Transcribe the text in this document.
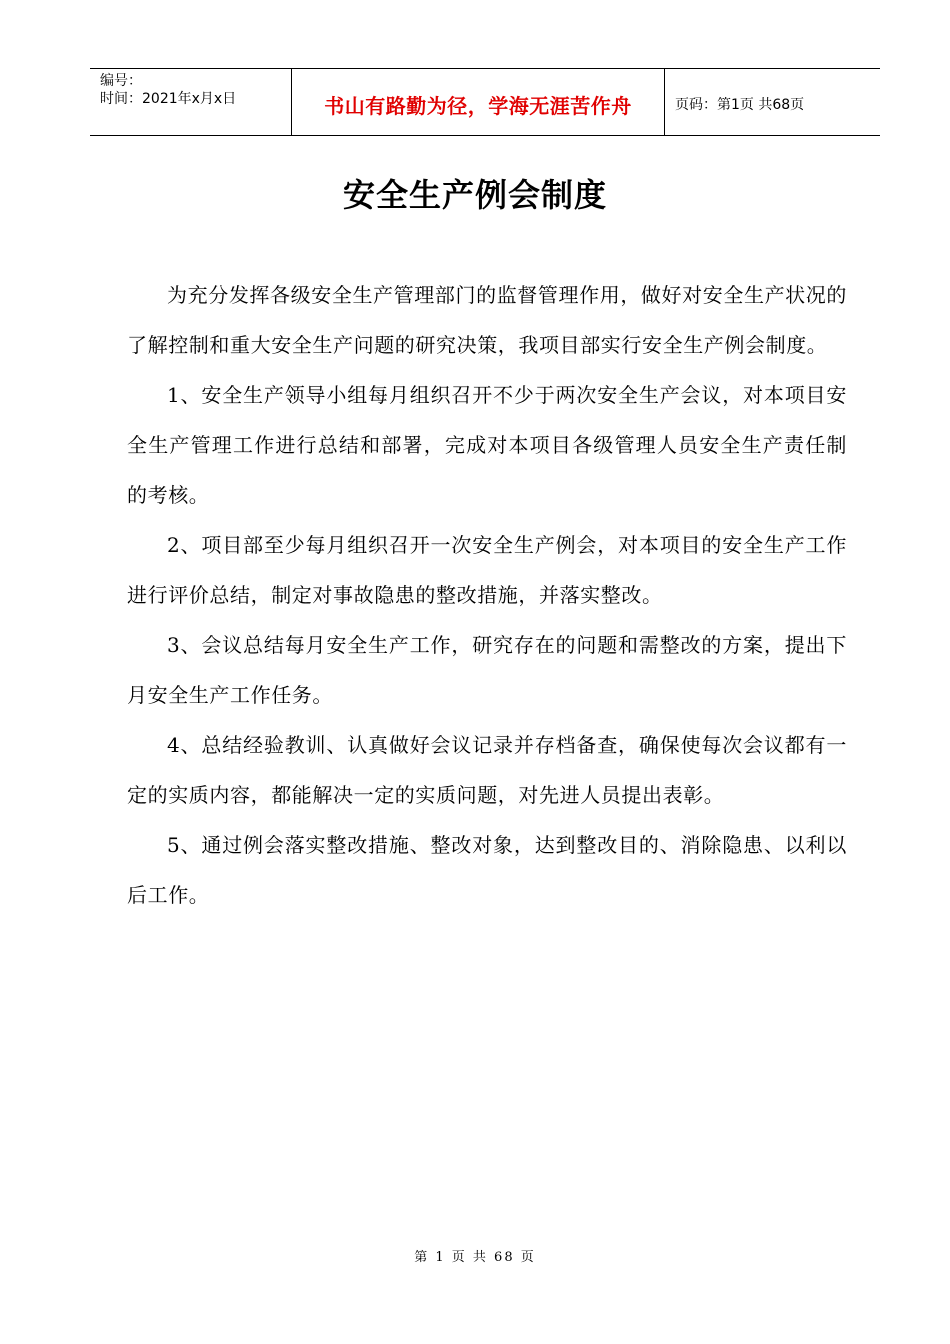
编号：
时间：2021年x月x日	书山有路勤为径，学海无涯苦作舟	页码：第1页 共68页
安全生产例会制度

为充分发挥各级安全生产管理部门的监督管理作用，做好对安全生产状况的了解控制和重大安全生产问题的研究决策，我项目部实行安全生产例会制度。

1、安全生产领导小组每月组织召开不少于两次安全生产会议，对本项目安全生产管理工作进行总结和部署，完成对本项目各级管理人员安全生产责任制的考核。

2、项目部至少每月组织召开一次安全生产例会，对本项目的安全生产工作进行评价总结，制定对事故隐患的整改措施，并落实整改。

3、会议总结每月安全生产工作，研究存在的问题和需整改的方案，提出下月安全生产工作任务。

4、总结经验教训、认真做好会议记录并存档备查，确保使每次会议都有一定的实质内容，都能解决一定的实质问题，对先进人员提出表彰。

5、通过例会落实整改措施、整改对象，达到整改目的、消除隐患、以利以后工作。

第 1 页 共 68 页
